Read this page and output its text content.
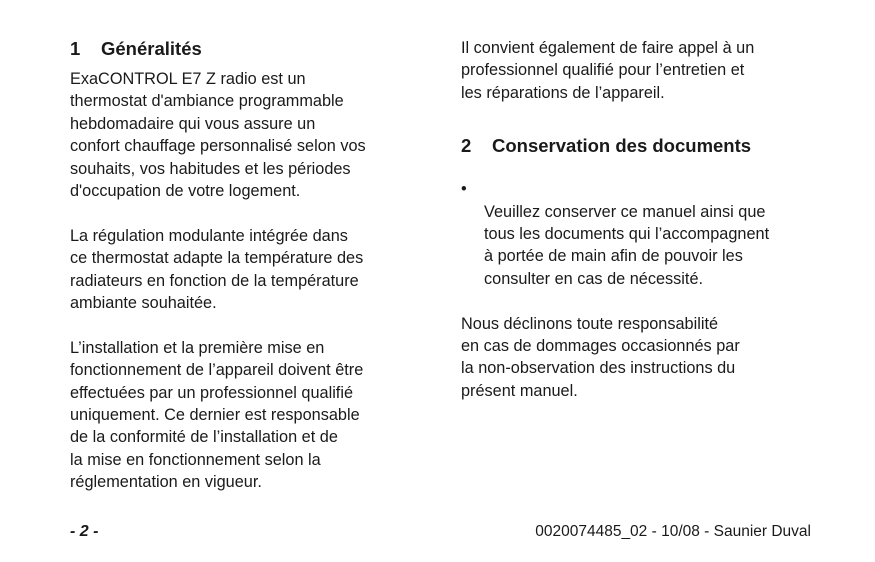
1 Généralités

ExaCONTROL E7 Z radio est un
thermostat d'ambiance programmable
hebdomadaire qui vous assure un
confort chauffage personnalisé selon vos
souhaits, vos habitudes et les périodes
d'occupation de votre logement.

La régulation modulante intégrée dans
ce thermostat adapte la température des
radiateurs en fonction de la température
ambiante souhaitée.

L’installation et la première mise en
fonctionnement de l’appareil doivent être
effectuées par un professionnel qualifié
uniquement. Ce dernier est responsable
de la conformité de l’installation et de
la mise en fonctionnement selon la
réglementation en vigueur.

Il convient également de faire appel à un
professionnel qualifié pour l’entretien et
les réparations de l’appareil.

2 Conservation des documents

•
Veuillez conserver ce manuel ainsi que
tous les documents qui l’accompagnent
à portée de main afin de pouvoir les
consulter en cas de nécessité.

Nous déclinons toute responsabilité
en cas de dommages occasionnés par
la non-observation des instructions du
présent manuel.

- 2 -	0020074485_02 - 10/08 - Saunier Duval
